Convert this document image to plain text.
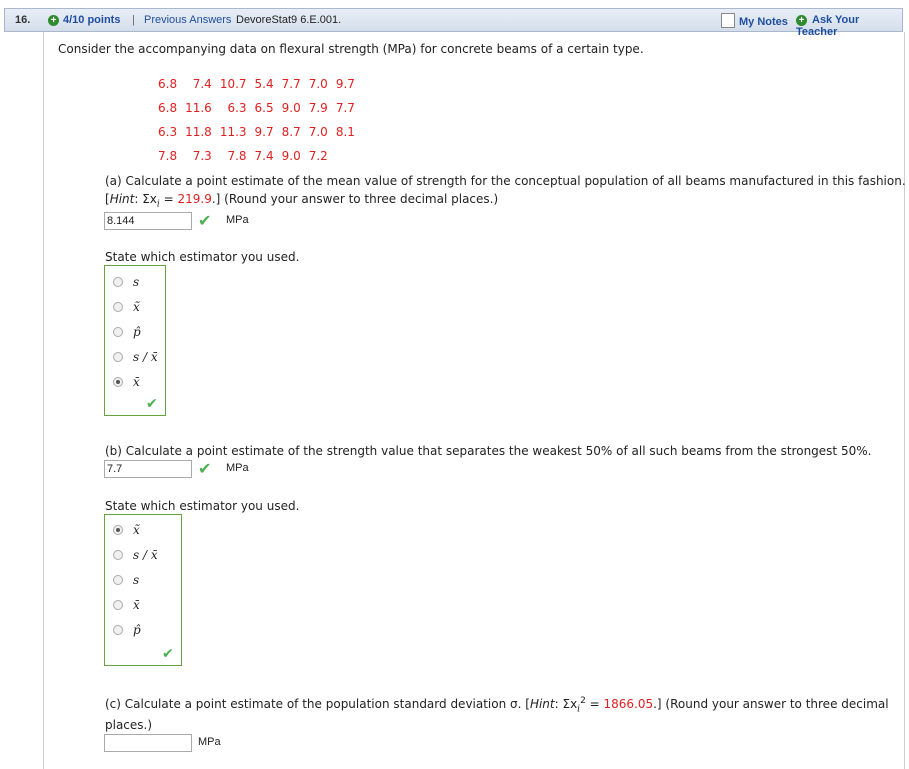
16. + 4/10 points | Previous Answers DevoreStat9 6.E.001.	My Notes + Ask Your Teacher
Consider the accompanying data on flexural strength (MPa) for concrete beams of a certain type.
6.8	7.4	10.7	5.4	7.7	7.0	9.7
6.8	11.6	6.3	6.5	9.0	7.9	7.7
6.3	11.8	11.3	9.7	8.7	7.0	8.1
7.8	7.3	7.8	7.4	9.0	7.2	
(a) Calculate a point estimate of the mean value of strength for the conceptual population of all beams manufactured in this fashion.
[Hint: $\Sigma x_i = 219.9$.] (Round your answer to three decimal places.)
8.144	✔ MPa
State which estimator you used.
s
x̃
p̂
s / x̄
x̄
✔
(b) Calculate a point estimate of the strength value that separates the weakest 50% of all such beams from the strongest 50%.
7.7	✔ MPa
State which estimator you used.
x̃
s / x̄
s
x̄
p̂
✔
(c) Calculate a point estimate of the population standard deviation σ. [Hint: $\Sigma x_i^2 = 1866.05$.] (Round your answer to three decimal
places.)
MPa
